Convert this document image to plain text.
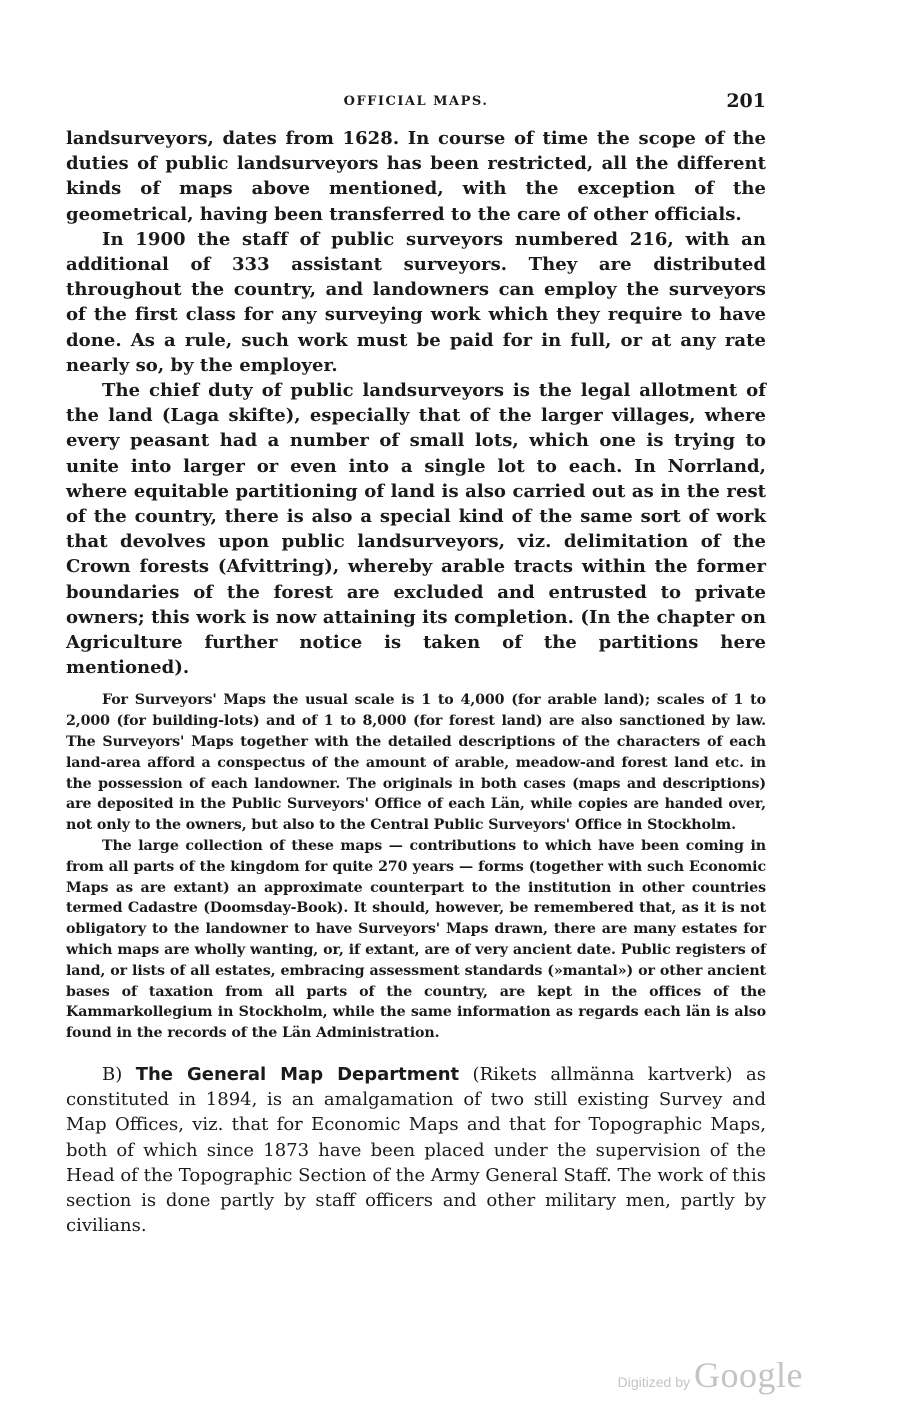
OFFICIAL MAPS.	201

landsurveyors, dates from 1628. In course of time the scope of the duties of public landsurveyors has been restricted, all the different kinds of maps above mentioned, with the exception of the geometrical, having been transferred to the care of other officials.

In 1900 the staff of public surveyors numbered 216, with an additional of 333 assistant surveyors. They are distributed throughout the country, and landowners can employ the surveyors of the first class for any surveying work which they require to have done. As a rule, such work must be paid for in full, or at any rate nearly so, by the employer.

The chief duty of public landsurveyors is the legal allotment of the land (Laga skifte), especially that of the larger villages, where every peasant had a number of small lots, which one is trying to unite into larger or even into a single lot to each. In Norrland, where equitable partitioning of land is also carried out as in the rest of the country, there is also a special kind of the same sort of work that devolves upon public landsurveyors, viz. delimitation of the Crown forests (Afvittring), whereby arable tracts within the former boundaries of the forest are excluded and entrusted to private owners; this work is now attaining its completion. (In the chapter on Agriculture further notice is taken of the partitions here mentioned).

For Surveyors' Maps the usual scale is 1 to 4,000 (for arable land); scales of 1 to 2,000 (for building-lots) and of 1 to 8,000 (for forest land) are also sanctioned by law. The Surveyors' Maps together with the detailed descriptions of the characters of each land-area afford a conspectus of the amount of arable, meadow-and forest land etc. in the possession of each landowner. The originals in both cases (maps and descriptions) are deposited in the Public Surveyors' Office of each Län, while copies are handed over, not only to the owners, but also to the Central Public Surveyors' Office in Stockholm.

The large collection of these maps — contributions to which have been coming in from all parts of the kingdom for quite 270 years — forms (together with such Economic Maps as are extant) an approximate counterpart to the institution in other countries termed Cadastre (Doomsday-Book). It should, however, be remembered that, as it is not obligatory to the landowner to have Surveyors' Maps drawn, there are many estates for which maps are wholly wanting, or, if extant, are of very ancient date. Public registers of land, or lists of all estates, embracing assessment standards (»mantal») or other ancient bases of taxation from all parts of the country, are kept in the offices of the Kammarkollegium in Stockholm, while the same information as regards each län is also found in the records of the Län Administration.

B) The General Map Department (Rikets allmänna kartverk) as constituted in 1894, is an amalgamation of two still existing Survey and Map Offices, viz. that for Economic Maps and that for Topographic Maps, both of which since 1873 have been placed under the supervision of the Head of the Topographic Section of the Army General Staff. The work of this section is done partly by staff officers and other military men, partly by civilians.

Digitized by Google
